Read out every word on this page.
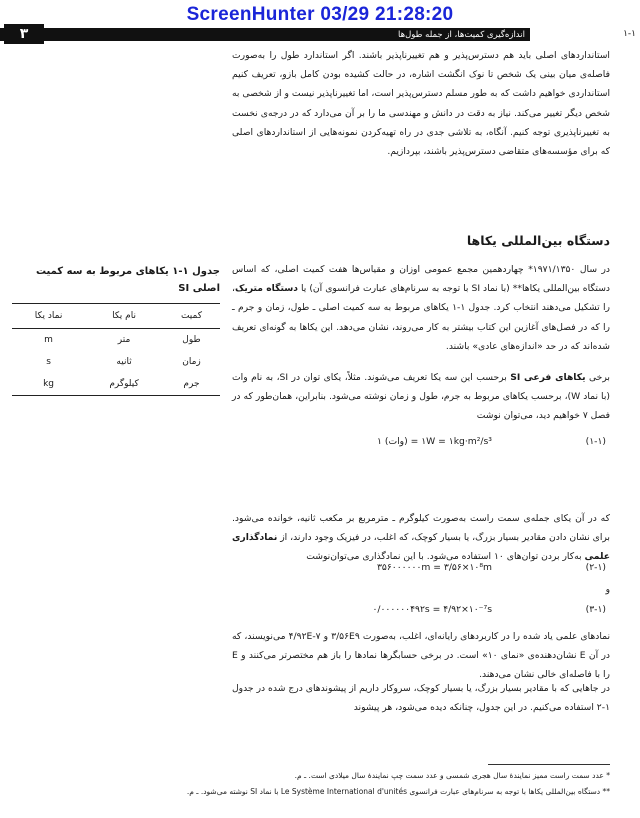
ScreenHunter 03/29 21:28:20
۳	اندازه‌گیری کمیت‌ها، از جمله طول‌ها	۱-۱
استانداردهای اصلی باید هم دسترس‌پذیر و هم تغییرناپذیر باشند. اگر استاندارد طول را به‌صورت فاصله‌ی میان بینی یک شخص تا نوک انگشت اشاره، در حالت کشیده بودن کامل بازو، تعریف کنیم استانداردی خواهیم داشت که به طور مسلم دسترس‌پذیر است، اما تغییرناپذیر نیست و از شخصی به شخص دیگر تغییر می‌کند. نیاز به دقت در دانش و مهندسی ما را بر آن می‌دارد که در درجه‌ی نخست به تغییرناپذیری توجه کنیم. آنگاه، به تلاشی جدی در راه تهیه‌کردن نمونه‌هایی از استانداردهای اصلی که برای مؤسسه‌های متقاضی دسترس‌پذیر باشند، بپردازیم.
دستگاه بین‌المللی یکاها
در سال ۱۹۷۱/۱۳۵۰* چهاردهمین مجمع عمومی اوزان و مقیاس‌ها هفت کمیت اصلی، که اساس دستگاه بین‌المللی یکاها** (با نماد SI با توجه به سرنام‌های عبارت فرانسوی آن) یا دستگاه متریک، را تشکیل می‌دهند انتخاب کرد. جدول ۱-۱ یکاهای مربوط به سه کمیت اصلی ـ طول، زمان و جرم ـ را که در فصل‌های آغازین این کتاب بیشتر به کار می‌روند، نشان می‌دهد. این یکاها به گونه‌ای تعریف شده‌اند که در حد «اندازه‌های عادی» باشند.
برخی یکاهای فرعی SI برحسب این سه یکا تعریف می‌شوند. مثلاً، یکای توان در SI، به نام وات (با نماد W)، برحسب یکاهای مربوط به جرم، طول و زمان نوشته می‌شود. بنابراین، همان‌طور که در فصل ۷ خواهیم دید، می‌توان نوشت
(۱-۱)
۱ (وات) = ۱W = ۱kg·m²/s³
که در آن یکای جمله‌ی سمت راست به‌صورت کیلوگرم ـ مترمربع بر مکعب ثانیه، خوانده می‌شود. برای نشان دادن مقادیر بسیار بزرگ، یا بسیار کوچک، که اغلب، در فیزیک وجود دارند، از نمادگذاری علمی به‌کار بردن توان‌های ۱۰ استفاده می‌شود. با این نمادگذاری می‌توان‌نوشت
(۲-۱)
۳۵۶۰۰۰۰۰۰m = ۳/۵۶×۱۰⁸m
و
(۳-۱)
۰/۰۰۰۰۰۰۴۹۲s = ۴/۹۲×۱۰⁻⁷s
نمادهای علمی یاد شده را در کاربردهای رایانه‌ای، اغلب، به‌صورت ۳/۵۶E۹ و ۴/۹۲E-۷ می‌نویسند، که در آن E نشان‌دهنده‌ی «نمای ۱۰» است. در برخی حسابگرها نمادها را باز هم مختصرتر می‌کنند و E را با فاصله‌ای خالی نشان می‌دهند.
در جاهایی که با مقادیر بسیار بزرگ، یا بسیار کوچک، سروکار داریم از پیشوندهای درج شده در جدول ۱-۲ استفاده می‌کنیم. در این جدول، چنانکه دیده می‌شود، هر پیشوند
جدول ۱-۱ یکاهای مربوط به سه کمیت اصلی SI
کمیت	نام یکا	نماد یکا
طول	متر	m
زمان	ثانیه	s
جرم	کیلوگرم	kg
* عدد سمت راست ممیز نمایندهٔ سال هجری شمسی و عدد سمت چپ نمایندهٔ سال میلادی است. ـ م.
** دستگاه بین‌المللی یکاها با توجه به سرنام‌های عبارت فرانسوی Le Système International d'unités با نماد SI نوشته می‌شود. ـ م.
